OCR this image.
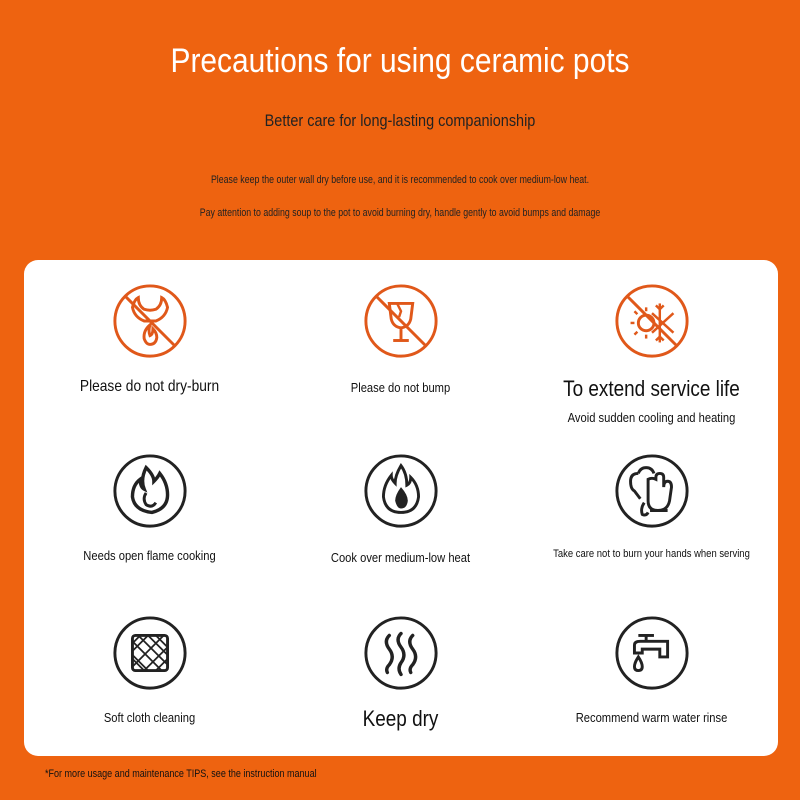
Precautions for using ceramic pots
Better care for long-lasting companionship
Please keep the outer wall dry before use, and it is recommended to cook over medium-low heat.
Pay attention to adding soup to the pot to avoid burning dry, handle gently to avoid bumps and damage
Please do not dry-burn	Please do not bump	To extend service life
Avoid sudden cooling and heating
Needs open flame cooking	Cook over medium-low heat	Take care not to burn your hands when serving
Soft cloth cleaning	Keep dry	Recommend warm water rinse
*For more usage and maintenance TIPS, see the instruction manual
